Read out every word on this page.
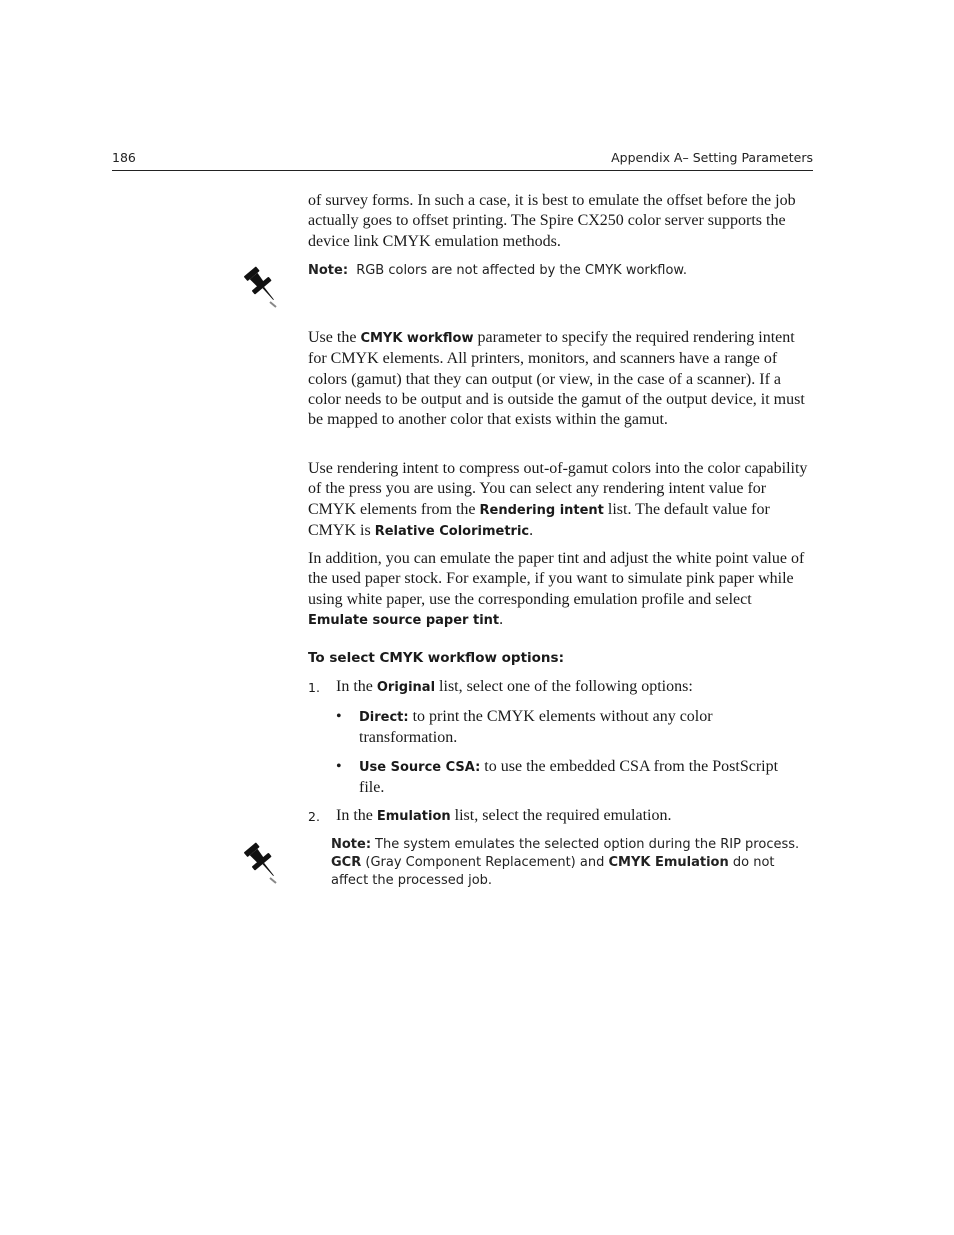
186	Appendix A– Setting Parameters

of survey forms. In such a case, it is best to emulate the offset before the job actually goes to offset printing. The Spire CX250 color server supports the device link CMYK emulation methods.

Note: RGB colors are not affected by the CMYK workflow.

Use the CMYK workflow parameter to specify the required rendering intent for CMYK elements. All printers, monitors, and scanners have a range of colors (gamut) that they can output (or view, in the case of a scanner). If a color needs to be output and is outside the gamut of the output device, it must be mapped to another color that exists within the gamut.

Use rendering intent to compress out-of-gamut colors into the color capability of the press you are using. You can select any rendering intent value for CMYK elements from the Rendering intent list. The default value for CMYK is Relative Colorimetric.

In addition, you can emulate the paper tint and adjust the white point value of the used paper stock. For example, if you want to simulate pink paper while using white paper, use the corresponding emulation profile and select Emulate source paper tint.

To select CMYK workflow options:
1. In the Original list, select one of the following options:
• Direct: to print the CMYK elements without any color transformation.
• Use Source CSA: to use the embedded CSA from the PostScript file.
2. In the Emulation list, select the required emulation.
Note: The system emulates the selected option during the RIP process. GCR (Gray Component Replacement) and CMYK Emulation do not affect the processed job.
